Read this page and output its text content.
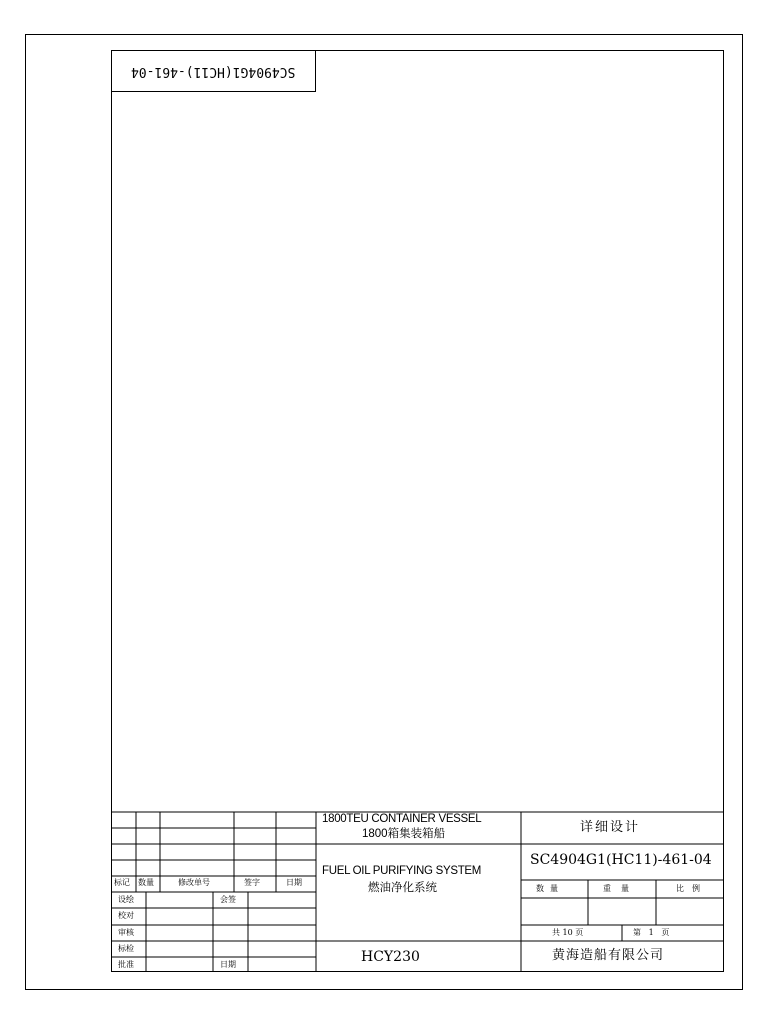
SC4904G1(HC11)-461-04
标记 数量	修改单号	签字	日期
设绘	会签
校对
审核
标检
批准	日期
1800TEU CONTAINER VESSEL
1800箱集装箱船
FUEL OIL PURIFYING SYSTEM
燃油净化系统
HCY230
详细设计
SC4904G1(HC11)-461-04
数量	重量	比例
共 10 页	第   1   页
黄海造船有限公司
